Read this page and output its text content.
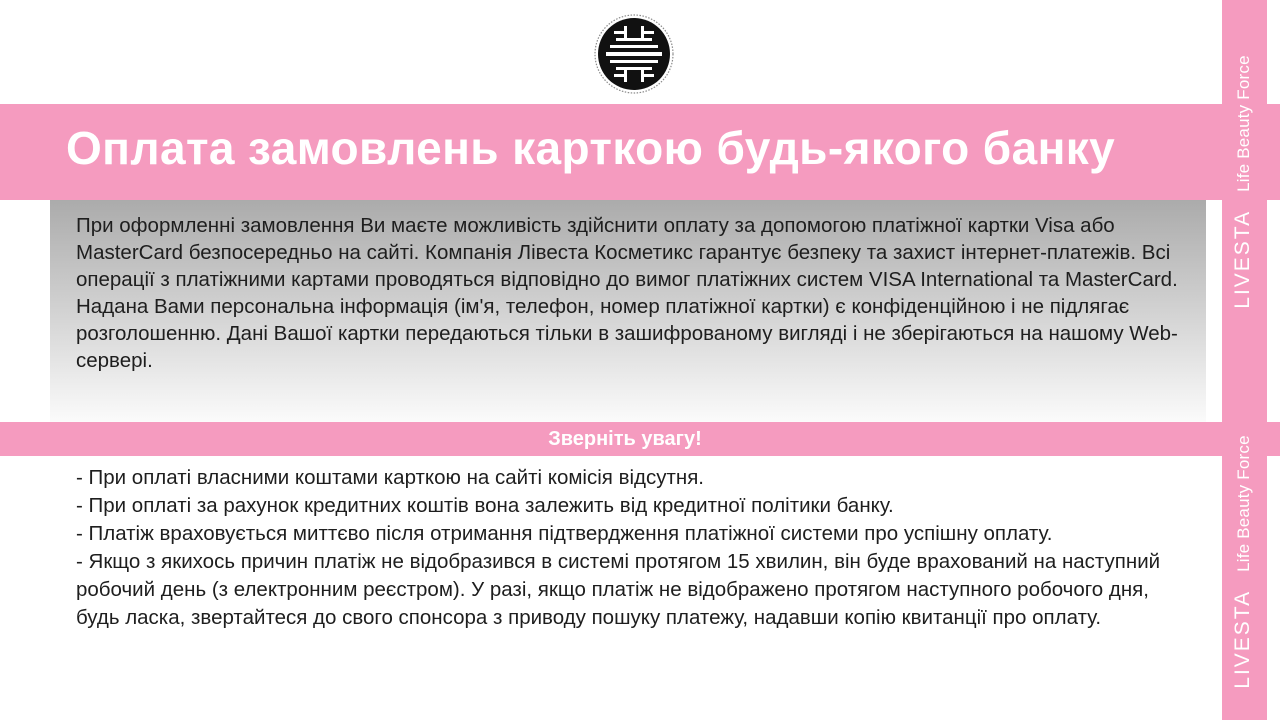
Оплата замовлень карткою будь-якого банку

При оформленні замовлення Ви маєте можливість здійснити оплату за допомогою платіжної картки Visa або MasterCard безпосередньо на сайті. Компанія Лівеста Косметикс гарантує безпеку та захист інтернет-платежів. Всі операції з платіжними картами проводяться відповідно до вимог платіжних систем VISA International та MasterCard.

Надана Вами персональна інформація (ім'я, телефон, номер платіжної картки) є конфіденційною і не підлягає розголошенню. Дані Вашої картки передаються тільки в зашифрованому вигляді і не зберігаються на нашому Web-сервері.

Зверніть увагу!

- При оплаті власними коштами карткою на сайті комісія відсутня.

- При оплаті за рахунок кредитних коштів вона залежить від кредитної політики банку.

- Платіж враховується миттєво після отримання підтвердження платіжної системи про успішну оплату.

- Якщо з якихось причин платіж не відобразився в системі протягом 15 хвилин, він буде врахований на наступний робочий день (з електронним реєстром). У разі, якщо платіж не відображено протягом наступного робочого дня, будь ласка, звертайтеся до свого спонсора з приводу пошуку платежу, надавши копію квитанції про оплату.

LIVESTALife Beauty Force
LIVESTALife Beauty Force
